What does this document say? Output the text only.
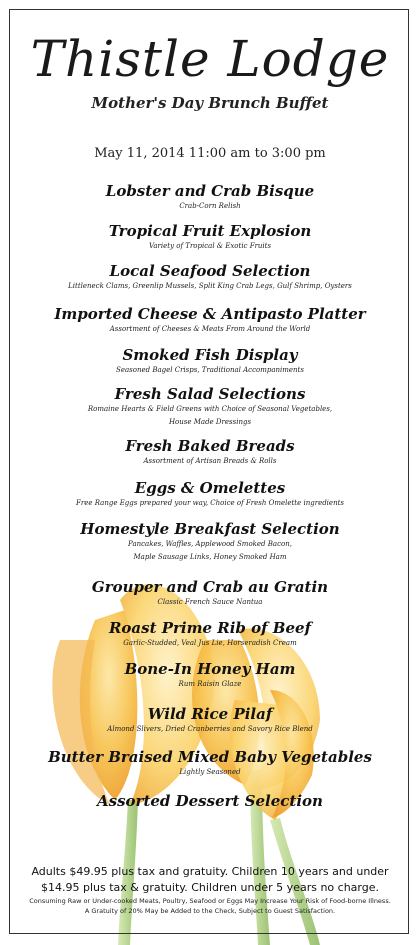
Thistle Lodge
Mother's Day Brunch Buffet
May 11, 2014 11:00 am to 3:00 pm
Lobster and Crab Bisque
Crab-Corn Relish
Tropical Fruit Explosion
Variety of Tropical & Exotic Fruits
Local Seafood Selection
Littleneck Clams, Greenlip Mussels, Split King Crab Legs, Gulf Shrimp, Oysters
Imported Cheese & Antipasto Platter
Assortment of Cheeses & Meats From Around the World
Smoked Fish Display
Seasoned Bagel Crisps, Traditional Accompaniments
Fresh Salad Selections
Romaine Hearts & Field Greens with Choice of Seasonal Vegetables,
House Made Dressings
Fresh Baked Breads
Assortment of Artisan Breads & Rolls
Eggs & Omelettes
Free Range Eggs prepared your way, Choice of Fresh Omelette ingredients
Homestyle Breakfast Selection
Pancakes, Waffles, Applewood Smoked Bacon,
Maple Sausage Links, Honey Smoked Ham
Grouper and Crab au Gratin
Classic French Sauce Nantua
Roast Prime Rib of Beef
Garlic-Studded, Veal Jus Lie, Horseradish Cream
Bone-In Honey Ham
Rum Raisin Glaze
Wild Rice Pilaf
Almond Slivers, Dried Cranberries and Savory Rice Blend
Butter Braised Mixed Baby Vegetables
Lightly Seasoned
Assorted Dessert Selection
Adults $49.95 plus tax and gratuity. Children 10 years and under
$14.95 plus tax & gratuity. Children under 5 years no charge.
Consuming Raw or Under-cooked Meats, Poultry, Seafood or Eggs May Increase Your Risk of Food-borne Illness.
A Gratuity of 20% May be Added to the Check, Subject to Guest Satisfaction.
